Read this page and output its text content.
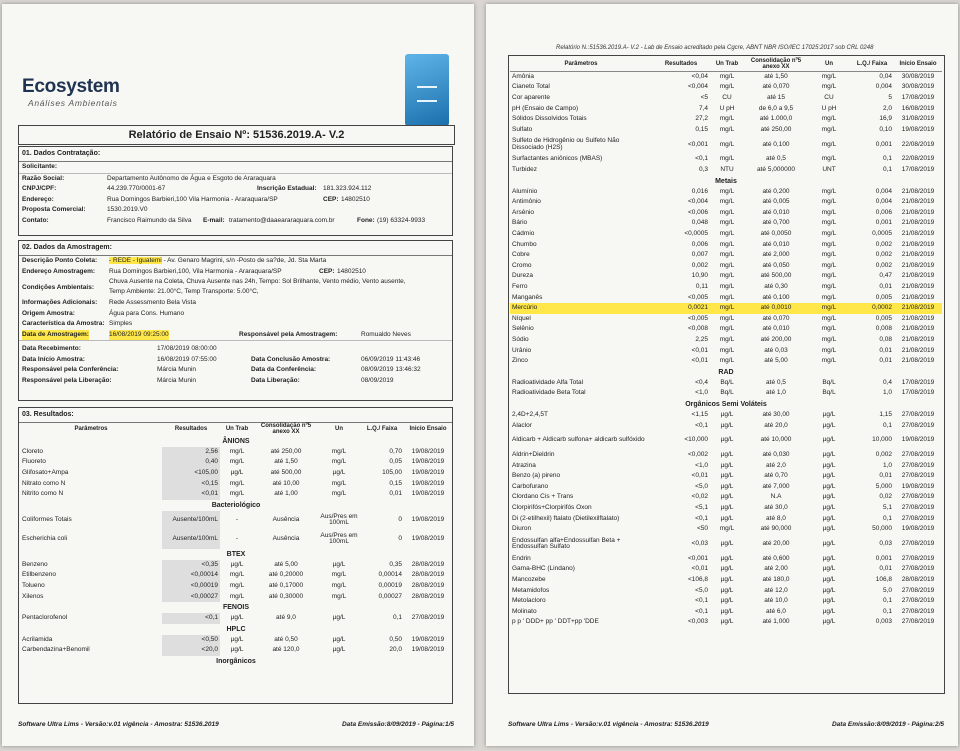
Ecosystem
Análises Ambientais
Relatório de Ensaio Nº: 51536.2019.A- V.2
01. Dados Contratação:
Solicitante:
Razão Social:	Departamento Autônomo de Água e Esgoto de Araraquara
CNPJ/CPF:	44.239.770/0001-67	Inscrição Estadual: 181.323.924.112
Endereço:	Rua Domingos Barbieri,100 Vila Harmonia - Araraquara/SP	CEP: 14802510
Proposta Comercial:	1530.2019.V0
Contato:	Francisco Raimundo da Silva E-mail: tratamento@daaeararaquara.com.br	Fone: (19) 63324-9933
02. Dados da Amostragem:
Descrição Ponto Coleta: - REDE - Iguatemi - Av. Genaro Magrini, s/n -Posto de sa?de, Jd. Sta Marta
Endereço Amostragem: Rua Domingos Barbieri,100, Vila Harmonia - Araraquara/SP	CEP: 14802510
Condições Ambientais:
Chuva Ausente na Coleta, Chuva Ausente nas 24h, Tempo: Sol Brilhante, Vento médio, Vento ausente,
Temp Ambiente: 21.00°C, Temp Transporte: 5.00°C,
Informações Adicionais: Rede Assessmento Bela Vista
Origem Amostra:	Água para Cons. Humano
Característica da Amostra: Simples
Data de Amostragem:	16/08/2019 09:25:00	Responsável pela Amostragem:	Romualdo Neves
Data Recebimento:	17/08/2019 08:00:00
Data Início Amostra:	16/08/2019 07:55:00	Data Conclusão Amostra:	06/09/2019 11:43:46
Responsável pela Conferência:	Márcia Munin	Data da Conferência:	08/09/2019 13:46:32
Responsável pela Liberação:	Márcia Munin	Data Liberação:	08/09/2019
03. Resultados:
Parâmetros	Resultados	Un Trab	Consolidação nº5 anexo XX	Un	L.Q./ Faixa	Inicio Ensaio
ÂNIONS						
Cloreto	2,56	mg/L	até 250,00	mg/L	0,70	19/08/2019
Fluoreto	0,40	mg/L	até 1,50	mg/L	0,05	19/08/2019
Glifosato+Ampa	<105,00	µg/L	até 500,00	µg/L	105,00	19/08/2019
Nitrato como N	<0,15	mg/L	até 10,00	mg/L	0,15	19/08/2019
Nitrito como N	<0,01	mg/L	até 1,00	mg/L	0,01	19/08/2019
Bacteriológico						
Coliformes Totais	Ausente/100mL	-	Ausência	Aus/Pres em 100mL	0	19/08/2019
Escherichia coli	Ausente/100mL	-	Ausência	Aus/Pres em 100mL	0	19/08/2019
BTEX						
Benzeno	<0,35	µg/L	até 5,00	µg/L	0,35	28/08/2019
Etilbenzeno	<0,00014	mg/L	até 0,20000	mg/L	0,00014	28/08/2019
Tolueno	<0,00019	mg/L	até 0,17000	mg/L	0,00019	28/08/2019
Xilenos	<0,00027	mg/L	até 0,30000	mg/L	0,00027	28/08/2019
FENOIS						
Pentaclorofenol	<0,1	µg/L	até 9,0	µg/L	0,1	27/08/2019
HPLC						
Acrilamida	<0,50	µg/L	até 0,50	µg/L	0,50	19/08/2019
Carbendazina+Benomil	<20,0	µg/L	até 120,0	µg/L	20,0	19/08/2019
Inorgânicos						
Software Ultra Lims - Versão:v.01 vigência - Amostra: 51536.2019	Data Emissão:8/09/2019 - Página:1/5
Relatório N.:51536.2019.A- V.2 - Lab de Ensaio acreditado pela Cgcre, ABNT NBR ISO/IEC 17025:2017 sob CRL 0248
Parâmetros	Resultados	Un Trab	Consolidação nº5 anexo XX	Un	L.Q./ Faixa	Inicio Ensaio
Amônia	<0,04	mg/L	até 1,50	mg/L	0,04	30/08/2019
Cianeto Total	<0,004	mg/L	até 0,070	mg/L	0,004	30/08/2019
Cor aparente	<5	CU	até 15	CU	5	17/08/2019
pH (Ensaio de Campo)	7,4	U pH	de 6,0 a 9,5	U pH	2,0	16/08/2019
Sólidos Dissolvidos Totais	27,2	mg/L	até 1.000,0	mg/L	16,9	31/08/2019
Sulfato	0,15	mg/L	até 250,00	mg/L	0,10	19/08/2019
Sulfeto de Hidrogênio ou Sulfeto Não Dissociado (H2S)	<0,001	mg/L	até 0,100	mg/L	0,001	22/08/2019
Surfactantes aniônicos (MBAS)	<0,1	mg/L	até 0,5	mg/L	0,1	22/08/2019
Turbidez	0,3	NTU	até 5,000000	UNT	0,1	17/08/2019
Metais						
Alumínio	0,016	mg/L	até 0,200	mg/L	0,004	21/08/2019
Antimônio	<0,004	mg/L	até 0,005	mg/L	0,004	21/08/2019
Arsênio	<0,006	mg/L	até 0,010	mg/L	0,006	21/08/2019
Bário	0,048	mg/L	até 0,700	mg/L	0,001	21/08/2019
Cádmio	<0,0005	mg/L	até 0,0050	mg/L	0,0005	21/08/2019
Chumbo	0,006	mg/L	até 0,010	mg/L	0,002	21/08/2019
Cobre	0,007	mg/L	até 2,000	mg/L	0,002	21/08/2019
Cromo	0,002	mg/L	até 0,050	mg/L	0,002	21/08/2019
Dureza	10,90	mg/L	até 500,00	mg/L	0,47	21/08/2019
Ferro	0,11	mg/L	até 0,30	mg/L	0,01	21/08/2019
Manganês	<0,005	mg/L	até 0,100	mg/L	0,005	21/08/2019
Mercúrio	0,0021	mg/L	até 0,0010	mg/L	0,0002	21/08/2019
Níquel	<0,005	mg/L	até 0,070	mg/L	0,005	21/08/2019
Selênio	<0,008	mg/L	até 0,010	mg/L	0,008	21/08/2019
Sódio	2,25	mg/L	até 200,00	mg/L	0,08	21/08/2019
Urânio	<0,01	mg/L	até 0,03	mg/L	0,01	21/08/2019
Zinco	<0,01	mg/L	até 5,00	mg/L	0,01	21/08/2019
RAD						
Radioatividade Alfa Total	<0,4	Bq/L	até 0,5	Bq/L	0,4	17/08/2019
Radioatividade Beta Total	<1,0	Bq/L	até 1,0	Bq/L	1,0	17/08/2019
Orgânicos Semi Voláteis						
2,4D+2,4,5T	<1,15	µg/L	até 30,00	µg/L	1,15	27/08/2019
Alaclor	<0,1	µg/L	até 20,0	µg/L	0,1	27/08/2019
Aldicarb + Aldicarb sulfona+ aldicarb sulfóxido	<10,000	µg/L	até 10,000	µg/L	10,000	19/08/2019
Aldrin+Dieldrin	<0,002	µg/L	até 0,030	µg/L	0,002	27/08/2019
Atrazina	<1,0	µg/L	até 2,0	µg/L	1,0	27/08/2019
Benzo (a) pireno	<0,01	µg/L	até 0,70	µg/L	0,01	27/08/2019
Carbofurano	<5,0	µg/L	até 7,000	µg/L	5,000	19/08/2019
Clordano Cis + Trans	<0,02	µg/L	N.A	µg/L	0,02	27/08/2019
Clorpirifós+Clorpirifós Oxon	<5,1	µg/L	até 30,0	µg/L	5,1	27/08/2019
Di (2-etilhexil) ftalato (Dietilexilftalato)	<0,1	µg/L	até 8,0	µg/L	0,1	27/08/2019
Diuron	<50	mg/L	até 90,000	µg/L	50,000	19/08/2019
Endossulfan alfa+Endossulfan Beta + Endossulfan Sulfato	<0,03	µg/L	até 20,00	µg/L	0,03	27/08/2019
Endrin	<0,001	µg/L	até 0,600	µg/L	0,001	27/08/2019
Gama-BHC (Lindano)	<0,01	µg/L	até 2,00	µg/L	0,01	27/08/2019
Mancozebe	<106,8	µg/L	até 180,0	µg/L	106,8	28/08/2019
Metamidofos	<5,0	µg/L	até 12,0	µg/L	5,0	27/08/2019
Metolacloro	<0,1	µg/L	até 10,0	µg/L	0,1	27/08/2019
Molinato	<0,1	µg/L	até 6,0	µg/L	0,1	27/08/2019
p p ' DDD+ pp ' DDT+pp 'DDE	<0,003	µg/L	até 1,000	µg/L	0,003	27/08/2019
Software Ultra Lims - Versão:v.01 vigência - Amostra: 51536.2019	Data Emissão:8/09/2019 - Página:2/5
